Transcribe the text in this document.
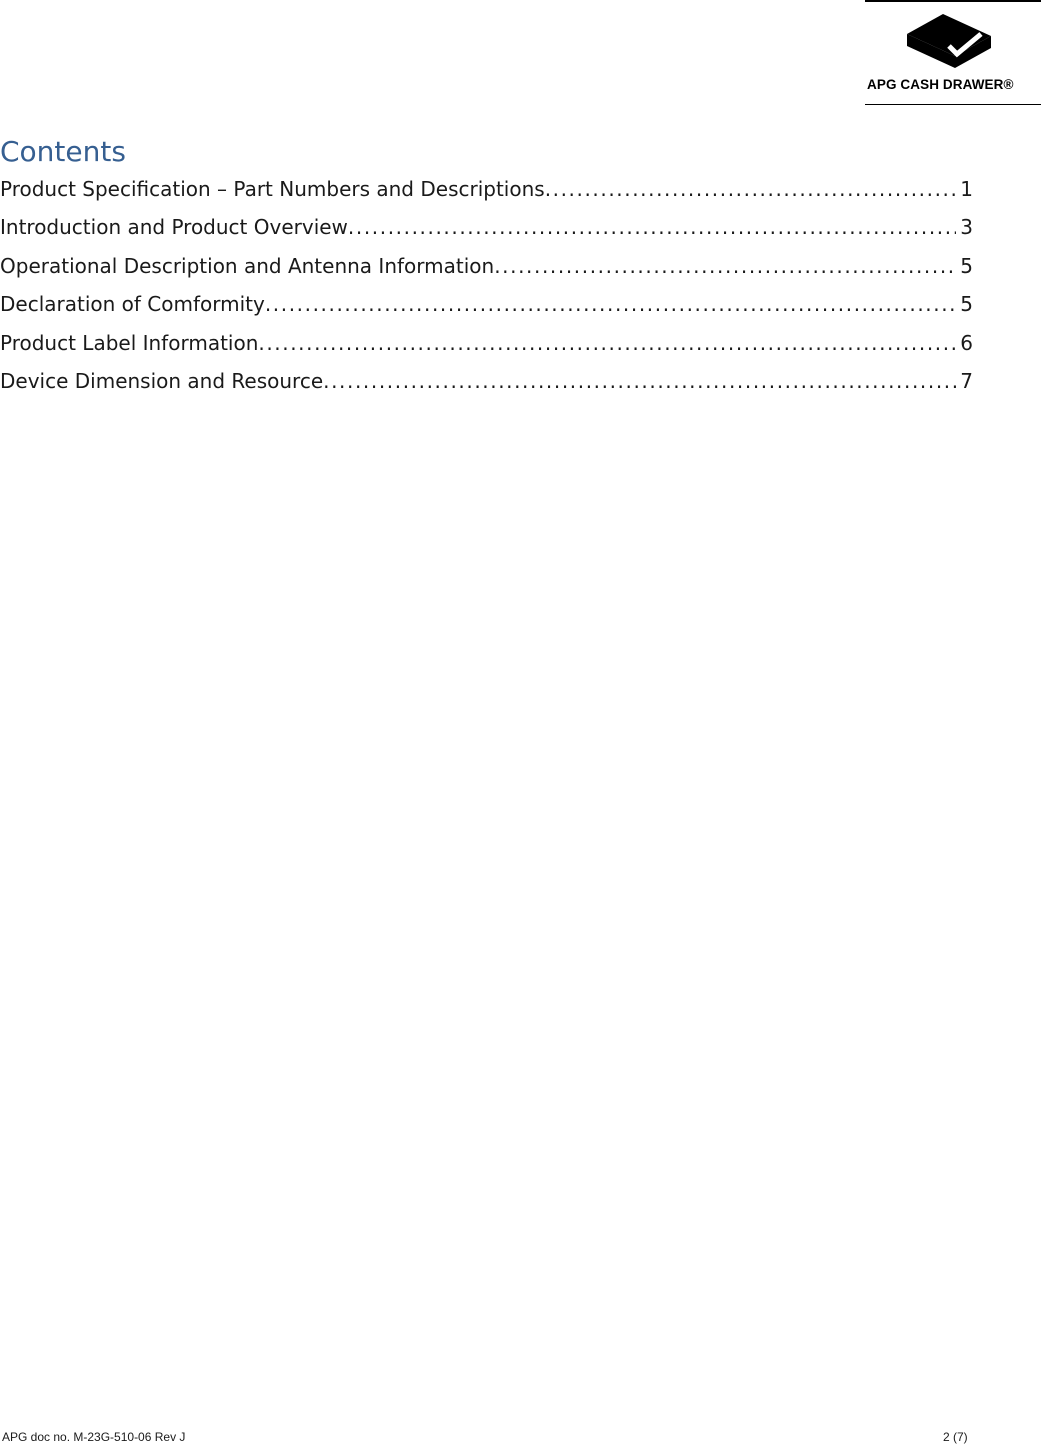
APG CASH DRAWER®
Contents
Product Specification – Part Numbers and Descriptions .....	1
Introduction and Product Overview .....	3
Operational Description and Antenna Information .....	5
Declaration of Comformity .....	5
Product Label Information .....	6
Device Dimension and Resource .....	7
APG doc no. M-23G-510-06 Rev J	2 (7)
